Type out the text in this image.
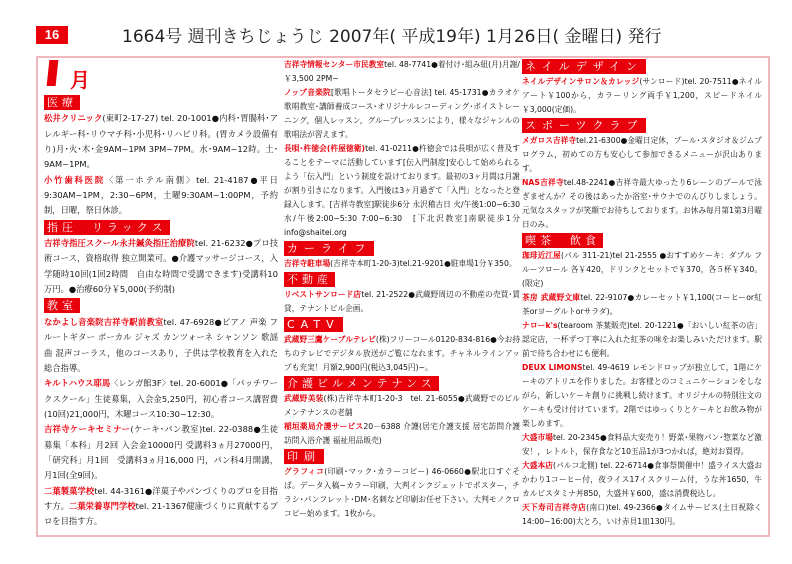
16	1664号 週刊きちじょうじ 2007年( 平成19年) 1月26日( 金曜日) 発行
月
医療

松井クリニック(東町2-17-27) tel. 20-1001●内科･胃腸科･アレルギー科･リウマチ科･小児科･リハビリ科。(胃カメラ設備有り)月･火･木･金9AM~1PM 3PM~7PM。水･9AM~12時。土･9AM~1PM。

小竹歯科医院〈第一ホテル南側〉tel. 21-4187●平日9:30AM~1PM，2:30~6PM，土曜9:30AM~1:00PM，予約制，日曜，祭日休診。

指圧　リラックス

吉祥寺指圧スクール永井鍼灸指圧治療院tel. 21-6232●プロ技術コース，資格取得 独立開業可。●介護マッサージコース，入学随時10回(1回2時間　自由な時間で受講できます)受講料10万円。●治療60分￥5,000(予約制)

教室

なかよし音楽院吉祥寺駅前教室tel. 47-6928●ピアノ 声楽 フルートギター ボーカル ジャズ カンツォーネ シャンソン 歌謡曲 混声コーラス，他のコースあり，子供は学校教育を入れた総合指導。

キルトハウス耶馬〈レンガ館3F〉tel. 20-6001●「パッチワークスクール」生徒募集，入会金5,250円，初心者コース講習費(10回)21,000円，木曜コース10:30~12:30。

吉祥寺ケーキセミナー(ケーキ･パン教室)tel. 22-0388●生徒募集「本科」月2回 入会金10000円 受講料3ヵ月27000円，「研究科」月1回　受講料3ヵ月16,000 円，パン科4月開講，月1回(全9回)。

二葉製菓学校tel. 44-3161●洋菓子やパンづくりのプロを目指す方。二葉栄養専門学校tel. 21-1367健康づくりに貢献するプロを目指す方。

吉祥寺情報センター市民教室tel. 48-7741●着付け･組み紐(月)月謝/￥3,500 2PM~

ノップ音楽院[歌唱トータセラピー心音法] tel. 45-1731●カラオケ歌唱教室･講師養成コース･オリジナルレコーディング･ボイストレーニング，個人レッスン，グループレッスンにより，様々なジャンルの歌唱法が習えます。

長唄･杵徳会(杵屋徳衛)tel. 41-0211●杵徳会では長唄が広く普及することをテーマに活動しています[伝入門制度]安心して始められるよう「伝入門」という制度を設けております。最初の3ヶ月間は月謝が割り引きになります。入門後は3ヶ月過ぎて「入門」となったと登録入します。[吉祥寺教室]駅徒歩6分 永沢稽古日 火/午後1:00~6:30 水/午後2:00~5:30 7:00~6:30　[下北沢教室]南駅徒歩1分 info@shaitei.org

カーライフ

吉祥寺駐車場(吉祥寺本町1-20-3)tel.21-9201●駐車場1分￥350。

不動産

リベストサンロード店tel. 21-2522●武蔵野周辺の不動産の売買･賃貸，テナントビル企画。

CATV

武蔵野三鷹ケーブルテレビ(株)フリーコール0120-834-816●今お持ちのテレビでデジタル放送がご覧になれます。チャネルラインアップも充実！月額2,900円(税込3,045円)~。

介護ビルメンテナンス

武蔵野美装(株)吉祥寺本町1-20-3　tel. 21-6055●武蔵野でのビルメンテナンスの老舗

稲垣薬局介護サービス20－6388 介護(居宅介護支援 居宅訪問介護 訪問入浴介護 福祉用品販売)

印刷

グラフィコ(印刷･マック･カラーコピー) 46-0660●駅北口すぐそば。データ入稿~カラー印刷，大判インクジェットでポスター，チラシ･パンフレット･DM･名刺など印刷お任せ下さい。大判モノクロコピー始めます。1枚から。

ネイルデザイン

ネイルデザインサロン＆カレッジ(サンロード)tel. 20-7511●ネイルアート￥100から，カラーリング両手￥1,200，スピードネイル￥3,000(定価)。

スポーツクラブ

メガロス吉祥寺tel.21-6300●金曜日定休，プール･スタジオ＆ジムプログラム，初めての方も安心して参加できるメニューが沢山あります。

NAS吉祥寺tel.48-2241●吉祥寺最大ゆったり6レーンのプールで泳ぎませんか？その後はあったか浴室･サウナでのんびりしましょう。元気なスタッフが笑顔でお待ちしております。お休み毎月第1第3月曜日のみ。

喫茶　飲食

珈琲近江屋(パル 311-21)tel 21-2555 ●おすすめケーキ：ダブル フルーツロール 各￥420，ドリンクとセットで￥370，各５杯￥340。(限定)

茶房 武蔵野文庫tel. 22-9107●カレーセット￥1,100(コーヒーor紅茶orヨーグルトorサラダ)。

ナローk's(tearoom 茶葉販売)tel. 20-1221●「おいしい紅茶の店」認定店，一杯ずつ丁寧に入れた紅茶の味をお楽しみいただけます。駅前で待ち合わせにも便利。

DEUX LIMONStel. 49-4619 レモンドロップが独立して，1階にケーキのアトリエを作りました。お客様とのコミュニケーションをしながら，新しいケーキ創りに挑戦し続けます。オリジナルの特別注文のケーキも受け付けています。2階ではゆっくりとケーキとお飲み物が楽しめます。

大盛市場tel. 20-2345●食料品大安売り！野菜･果物パン･惣菜など激安！，レトルト，保存食など10玉品1が3つかれば，絶対お買得。

大盛本店(パルコ北側) tel. 22-6714●食事祭開催中！盛ライス大盛おかわり1コーヒー付，夜ライス17イスクリーム付，うな丼1650，牛カルビスタミナ丼850，大盛丼￥600，盛は消費税込し。

天下寿司吉祥寺店(南口)tel. 49-2366●タイムサービス(土日祝除く14:00~16:00)大とろ，いけ赤貝1皿130円。
